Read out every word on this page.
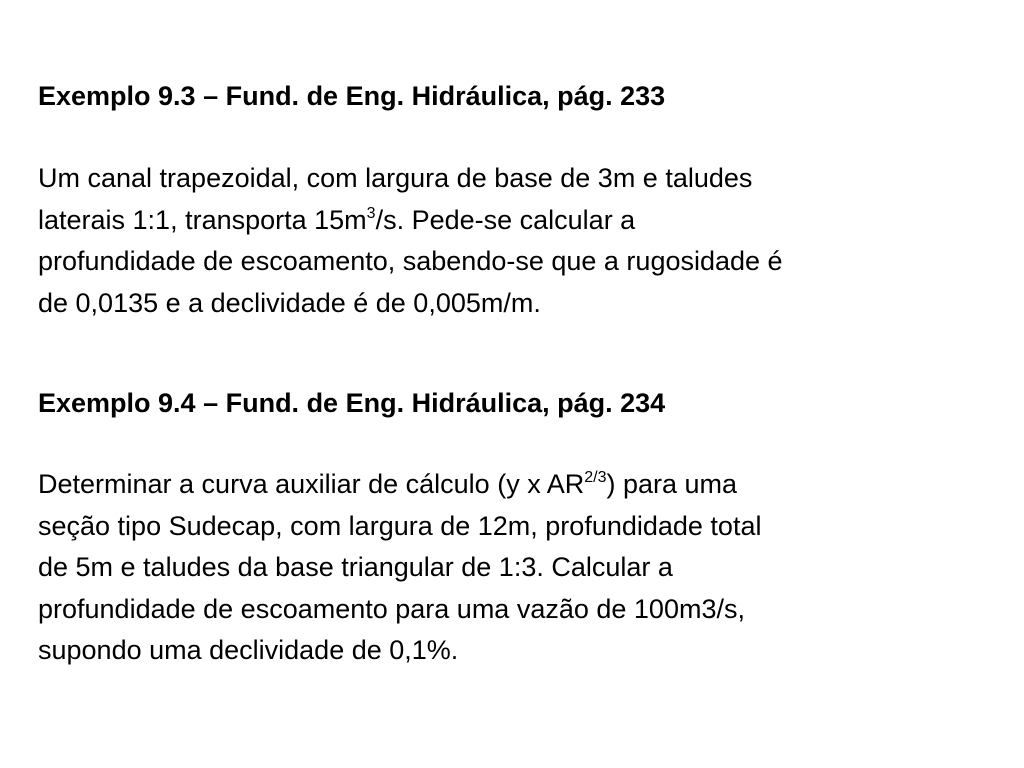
Exemplo 9.3 – Fund. de Eng. Hidráulica, pág. 233

Um canal trapezoidal, com largura de base de 3m e taludes
laterais 1:1, transporta $15m^3/s$. Pede-se calcular a
profundidade de escoamento, sabendo-se que a rugosidade é
de 0,0135 e a declividade é de 0,005m/m.

Exemplo 9.4 – Fund. de Eng. Hidráulica, pág. 234

Determinar a curva auxiliar de cálculo (y x $AR^{2/3}$) para uma
seção tipo Sudecap, com largura de 12m, profundidade total
de 5m e taludes da base triangular de 1:3. Calcular a
profundidade de escoamento para uma vazão de 100m3/s,
supondo uma declividade de 0,1%.
